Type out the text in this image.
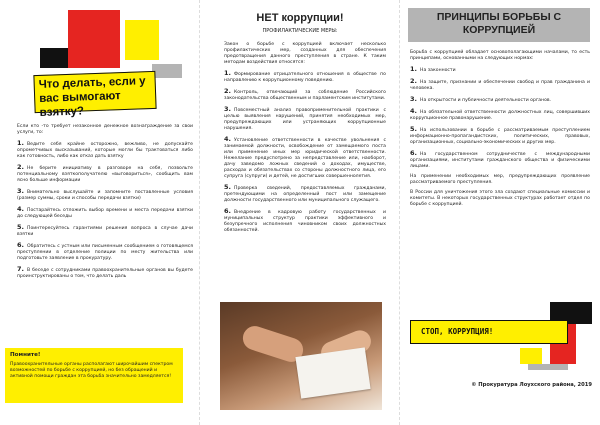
Что делать, если у вас вымогают взятку?
Если кто -то требует незаконное денежное вознаграждение за свои услуги, то:
1. Ведите себя крайне осторожно, вежливо, не допускайте опрометчивых высказываний, которые могли бы трактоваться либо как готовность, либо как отказ дать взятку
2. Не берите инициативу в разговоре на себя, позвольте потенциальному взяткополучателю «выговориться», сообщить вам ясно больше информации
3. Внимательно выслушайте и запомните поставленные условия (размер суммы, сроки и способы передачи взятки)
4. Постарайтесь отложить выбор времени и места передачи взятки до следующей беседы
5. Поинтересуйтесь гарантиями решения вопроса в случае дачи взятки
6. Обратитесь с устным или письменным сообщением о готовящемся преступлении в отделение полиции по месту жительства или подготовьте заявление в прокуратуру.
7. В беседе с сотрудниками правоохранительные органов вы будете проинструктированы о том, что делать даль
Помните!
Правоохранительные органы располагают широчайшим спектром возможностей по борьбе с коррупцией, но без обращений и активной помощи граждан эта борьба значительно замедляется!
НЕТ коррупции!
ПРОФИЛАКТИЧЕСКИЕ МЕРЫ:
Закон о борьбе с коррупцией включает несколько профилактических мер, созданных для обеспечения предотвращения данного преступления в стране. К таким методам воздействия относятся:
1. Формирование отрицательного отношения в обществе по направлению к коррупционному поведению.
2. Контроль, отвечающий за соблюдение Российского законодательства общественным и парламентским институтами.
3. Повсеместный анализ правоприменительной практики с целью выявления нарушений, принятия необходимых мер, предупреждающих или устраняющих коррупционные нарушения.
4. Установление ответственности в качестве увольнения с занимаемой должности, освобождение от замещаемого поста или применение иных мер юридической ответственности. Нежелание предуспотрено за непредставление или, наоборот, дачу заведомо ложных сведений о доходах, имуществе, расходах и обязательствах со стороны должностного лица, его супруга (супруги) и детей, не достигших совершеннолетия.
5. Проверка сведений, предоставляемых гражданами, претендующими на определенный пост или замещение должности государственного или муниципального служащего.
6. Внедрение в кадровую работу государственных и муниципальных структур практики эффективного и безупречного исполнения чиновником своих должностных обязанностей.
ПРИНЦИПЫ БОРЬБЫ С КОРРУПЦИЕЙ
Борьба с коррупцией обладает основополагающими началами, то есть принципами, основанными на следующих нормах:
1. На законности
2. На защите, признании и обеспечении свобод и прав гражданина и человека.
3. На открытости и публичности деятельности органов.
4. На обязательной ответственности должностных лиц, совершивших коррупционное правонарушение.
5. На использовании в борьбе с рассматриваемым преступлением информационно-пропагандистских, политических, правовых, организационных, социально-экономических и других мер.
6. На государственном сотрудничестве с международными организациями, институтами гражданского общества и физическими лицами.
На применении необходимых мер, предупреждающих проявление рассматриваемого преступления.
В России для уничтожения этого зла создают специальные комиссии и комитеты. В некоторых государственных структурах работает отдел по борьбе с коррупцией.
СТОП, КОРРУПЦИЯ!
© Прокуратура Лоухского района, 2019
